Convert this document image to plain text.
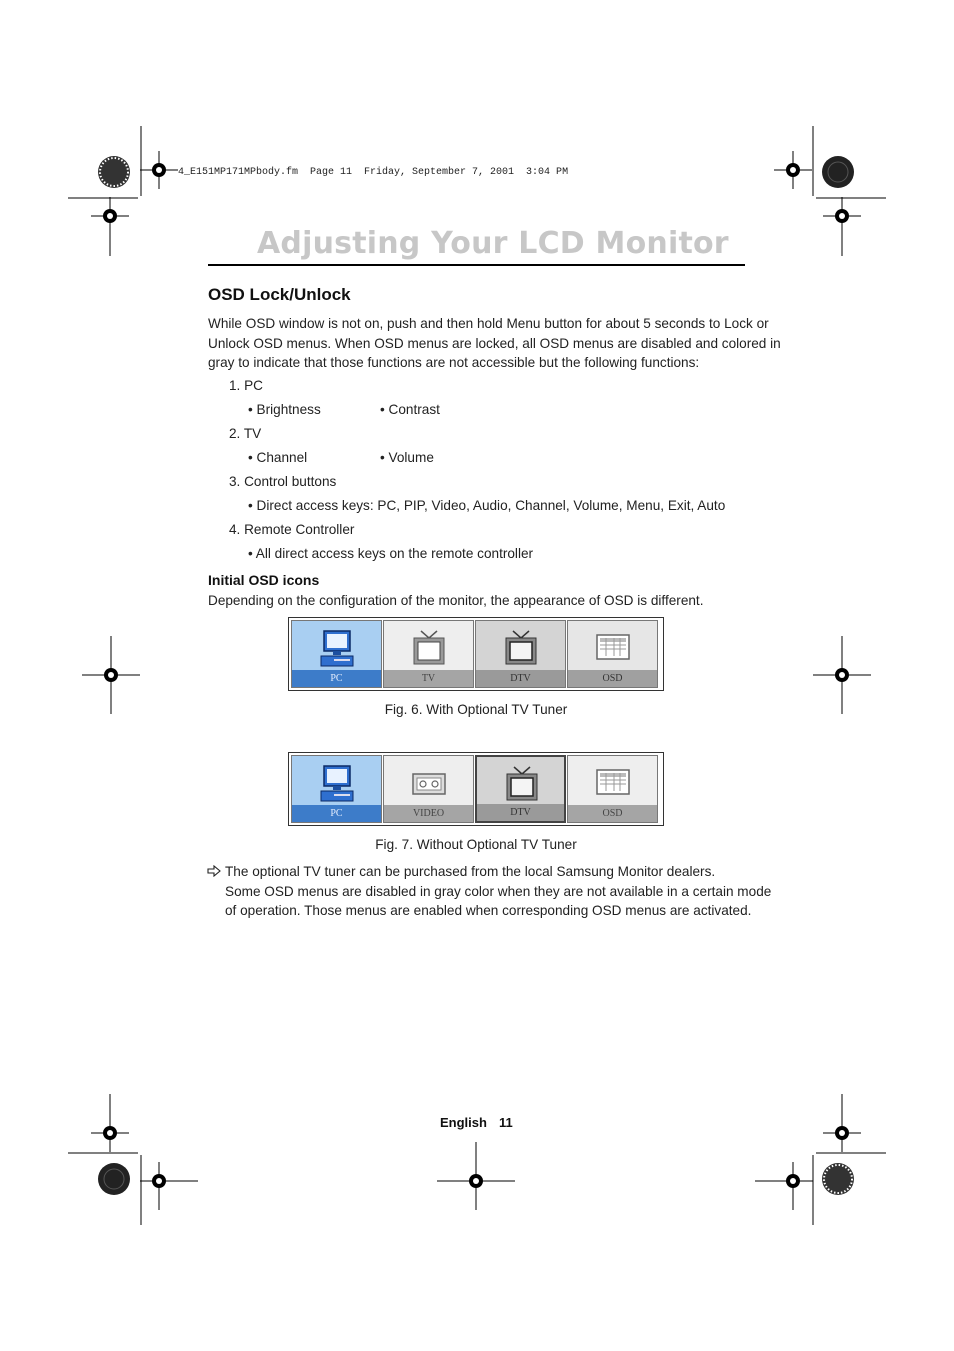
4_E151MP171MPbody.fm  Page 11  Friday, September 7, 2001  3:04 PM
Adjusting Your LCD Monitor
OSD Lock/Unlock
While OSD window is not on, push and then hold Menu button for about 5 seconds to Lock or
Unlock OSD menus. When OSD menus are locked, all OSD menus are disabled and colored in
gray to indicate that those functions are not accessible but the following functions:
1. PC
• Brightness	• Contrast
2. TV
• Channel	• Volume
3. Control buttons
• Direct access keys: PC, PIP, Video, Audio, Channel, Volume, Menu, Exit, Auto
4. Remote Controller
• All direct access keys on the remote controller
Initial OSD icons
Depending on the configuration of the monitor, the appearance of OSD is different.
PC	TV	DTV	OSD
Fig. 6. With Optional TV Tuner
PC	VIDEO	DTV	OSD
Fig. 7. Without Optional TV Tuner
The optional TV tuner can be purchased from the local Samsung Monitor dealers.
Some OSD menus are disabled in gray color when they are not available in a certain mode
of operation. Those menus are enabled when corresponding OSD menus are activated.
English 11
